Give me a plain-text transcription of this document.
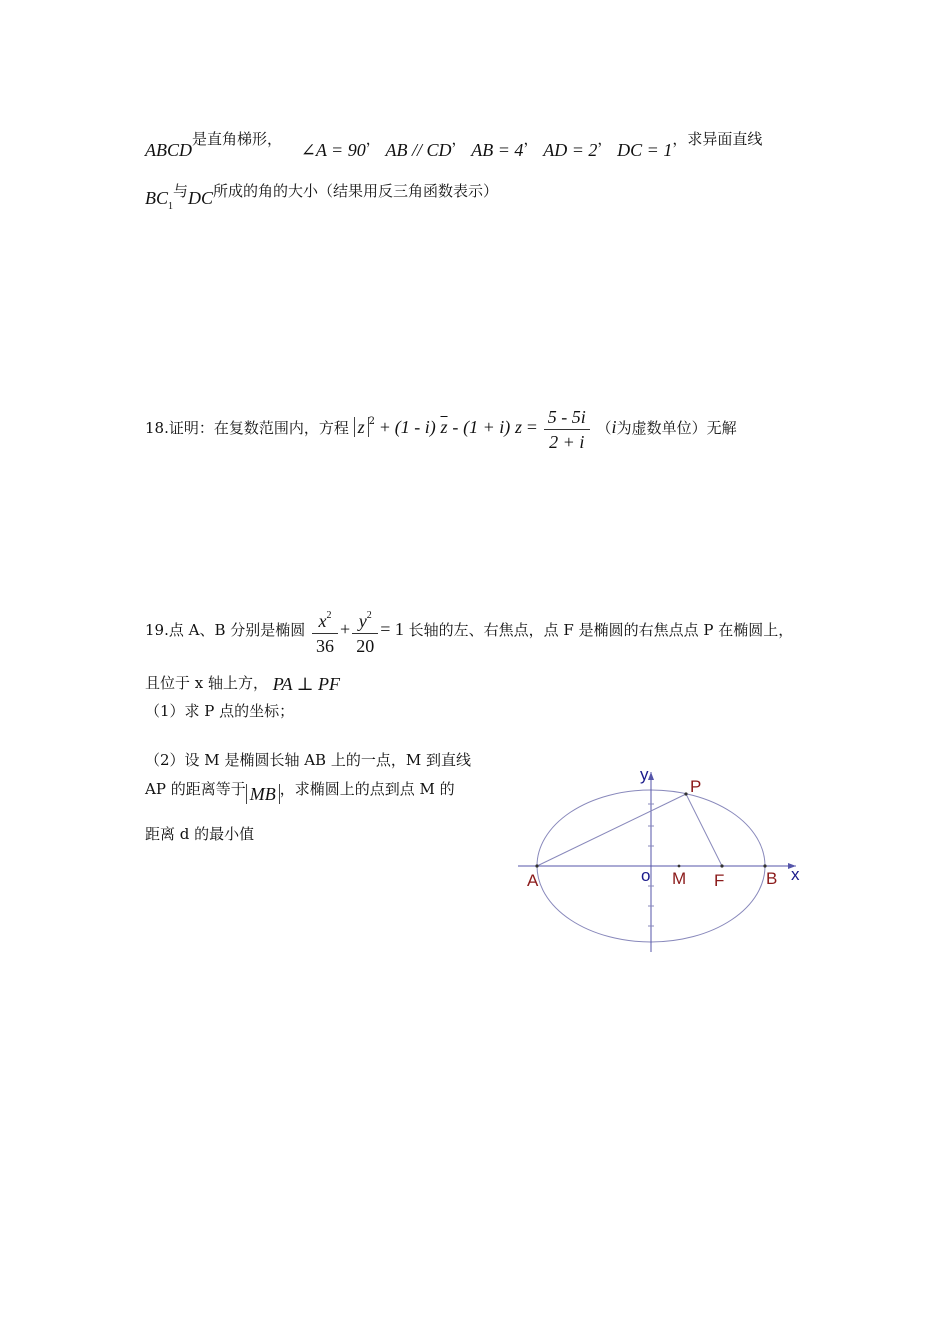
ABCD是直角梯形， ∠A = 90， AB // CD， AB = 4， AD = 2， DC = 1，求异面直线
$BC_1$与DC所成的角的大小（结果用反三角函数表示）
18.证明：在复数范围内，方程 z $^2$ + (1 - i) $\overline{z} - (1 + i) z = \frac{5 - 5i}{2 + i} (i$为虚数单位）无解
19.点 A、B 分别是椭圆 $\frac{x^2}{36} + \frac{y^2}{20} = 1$ 长轴的左、右焦点，点 F 是椭圆的右焦点点 P 在椭圆上，
且位于 x 轴上方， PA ⊥ PF
（1）求 P 点的坐标；
（2）设 M 是椭圆长轴 AB 上的一点，M 到直线
AP 的距离等于 MB ，求椭圆上的点到点 M 的
距离 d 的最小值
y
P
A	o M F B x
